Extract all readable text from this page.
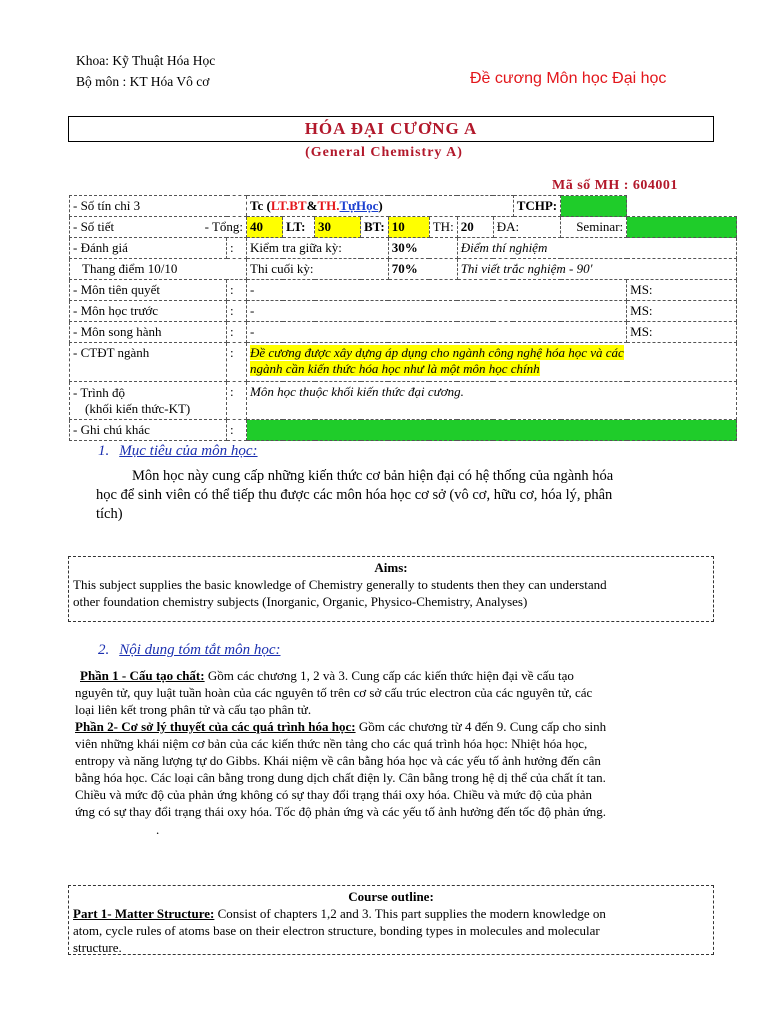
Khoa: Kỹ Thuật Hóa Học
Bộ môn : KT Hóa Vô cơ	Đề cương Môn học Đại học
HÓA ĐẠI CƯƠNG A
(General Chemistry A)
Mã số MH : 604001
- Số tín chỉ 3		Tc (LT.BT&TH.TựHọc)								TCHP:		
- Số tiết - Tổng:		40	LT:	30	BT:	10	TH:	20	ĐA:		Seminar:	
- Đánh giá	:	Kiểm tra giữa kỳ:				30%		Điểm thí nghiệm				
Thang điểm 10/10		Thi cuối kỳ:				70%		Thi viết trắc nghiệm - 90'				
- Môn tiên quyết	:	-										MS:
- Môn học trước	:	-										MS:
- Môn song hành	:	-										MS:
- CTĐT ngành	:	Đề cương được xây dựng áp dụng cho ngành công nghệ hóa học và các
ngành cần kiến thức hóa học như là một môn học chính										
- Trình độ
(khối kiến thức-KT)	:	Môn học thuộc khối kiến thức đại cương.										
- Ghi chú khác	:											
1. Mục tiêu của môn học:
Môn học này cung cấp những kiến thức cơ bản hiện đại có hệ thống của ngành hóa
học để sinh viên có thể tiếp thu được các môn hóa học cơ sở (vô cơ, hữu cơ, hóa lý, phân
tích)
Aims:
This subject supplies the basic knowledge of Chemistry generally to students then they can understand
other foundation chemistry subjects (Inorganic, Organic, Physico-Chemistry, Analyses)
2. Nội dung tóm tắt môn học:
Phần 1 - Cấu tạo chất: Gồm các chương 1, 2 và 3. Cung cấp các kiến thức hiện đại về cấu tạo
nguyên tử, quy luật tuần hoàn của các nguyên tố trên cơ sở cấu trúc electron của các nguyên tử, các
loại liên kết trong phân tử và cấu tạo phân tử.
Phần 2- Cơ sở lý thuyết của các quá trình hóa học: Gồm các chương từ 4 đến 9. Cung cấp cho sinh
viên những khái niệm cơ bản của các kiến thức nền tảng cho các quá trình hóa học: Nhiệt hóa học,
entropy và năng lượng tự do Gibbs. Khái niệm về cân bằng hóa học và các yếu tố ảnh hưởng đến cân
bằng hóa học. Các loại cân bằng trong dung dịch chất điện ly. Cân bằng trong hệ dị thể của chất ít tan.
Chiều và mức độ của phản ứng không có sự thay đổi trạng thái oxy hóa. Chiều và mức độ của phản
ứng có sự thay đổi trạng thái oxy hóa. Tốc độ phản ứng và các yếu tố ảnh hưởng đến tốc độ phản ứng.
.
Course outline:
Part 1- Matter Structure: Consist of chapters 1,2 and 3. This part supplies the modern knowledge on
atom, cycle rules of atoms base on their electron structure, bonding types in molecules and molecular
structure.
